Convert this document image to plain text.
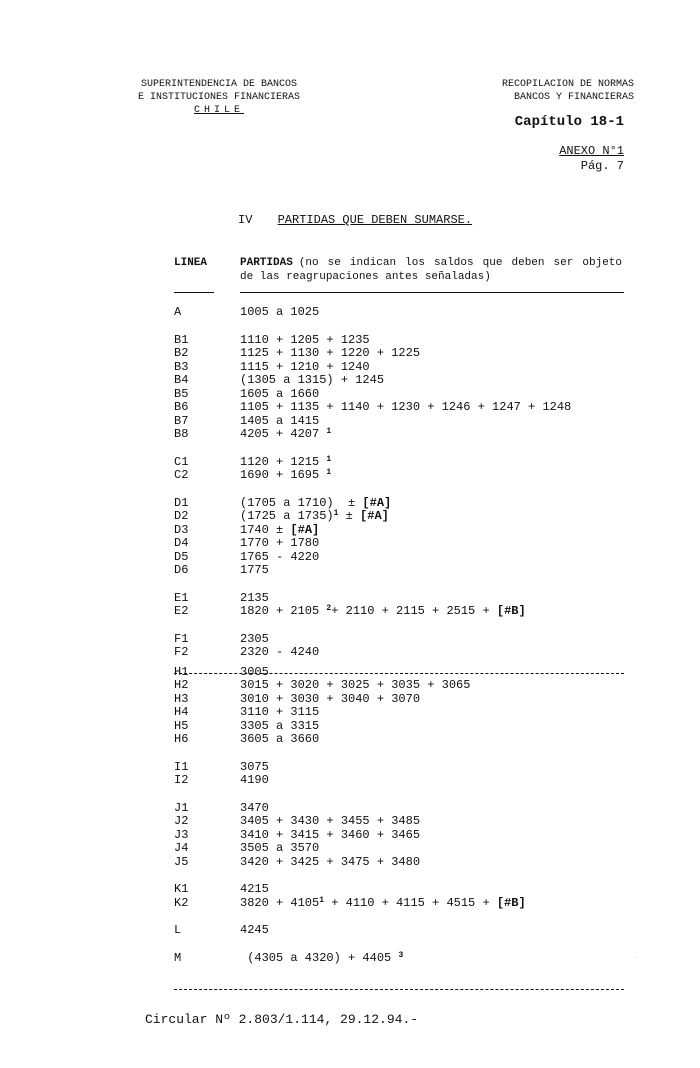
SUPERINTENDENCIA DE BANCOS
E INSTITUCIONES FINANCIERAS
CHILE
RECOPILACION DE NORMAS
BANCOS Y FINANCIERAS
Capítulo 18-1
ANEXO N°1
Pág. 7
IV PARTIDAS QUE DEBEN SUMARSE.
LINEA	PARTIDAS (no se indican los saldos que deben ser objeto de las reagrupaciones antes señaladas)
A	1005 a 1025
B1	1110 + 1205 + 1235
B2	1125 + 1130 + 1220 + 1225
B3	1115 + 1210 + 1240
B4	(1305 a 1315) + 1245
B5	1605 a 1660
B6	1105 + 1135 + 1140 + 1230 + 1246 + 1247 + 1248
B7	1405 a 1415
B8	4205 + 4207 $^1$
C1	1120 + 1215 $^1$
C2	1690 + 1695 $^1$
D1	(1705 a 1710)  ± [#A]
D2	(1725 a 1735)$^1$ ± [#A]
D3	1740 ± [#A]
D4	1770 + 1780
D5	1765 - 4220
D6	1775
E1	2135
E2	1820 + 2105 $^2$+ 2110 + 2115 + 2515 + [#B]
F1	2305
F2	2320 - 4240
H1	3005
H2	3015 + 3020 + 3025 + 3035 + 3065
H3	3010 + 3030 + 3040 + 3070
H4	3110 + 3115
H5	3305 a 3315
H6	3605 a 3660
I1	3075
I2	4190
J1	3470
J2	3405 + 3430 + 3455 + 3485
J3	3410 + 3415 + 3460 + 3465
J4	3505 a 3570
J5	3420 + 3425 + 3475 + 3480
K1	4215
K2	$3820 + 4105^1 + 4110 + 4115 + 4515$ + [#B]
L	4245
M	(4305 a 4320) + 4405 $^3$
Circular Nº 2.803/1.114, 29.12.94.-
·
